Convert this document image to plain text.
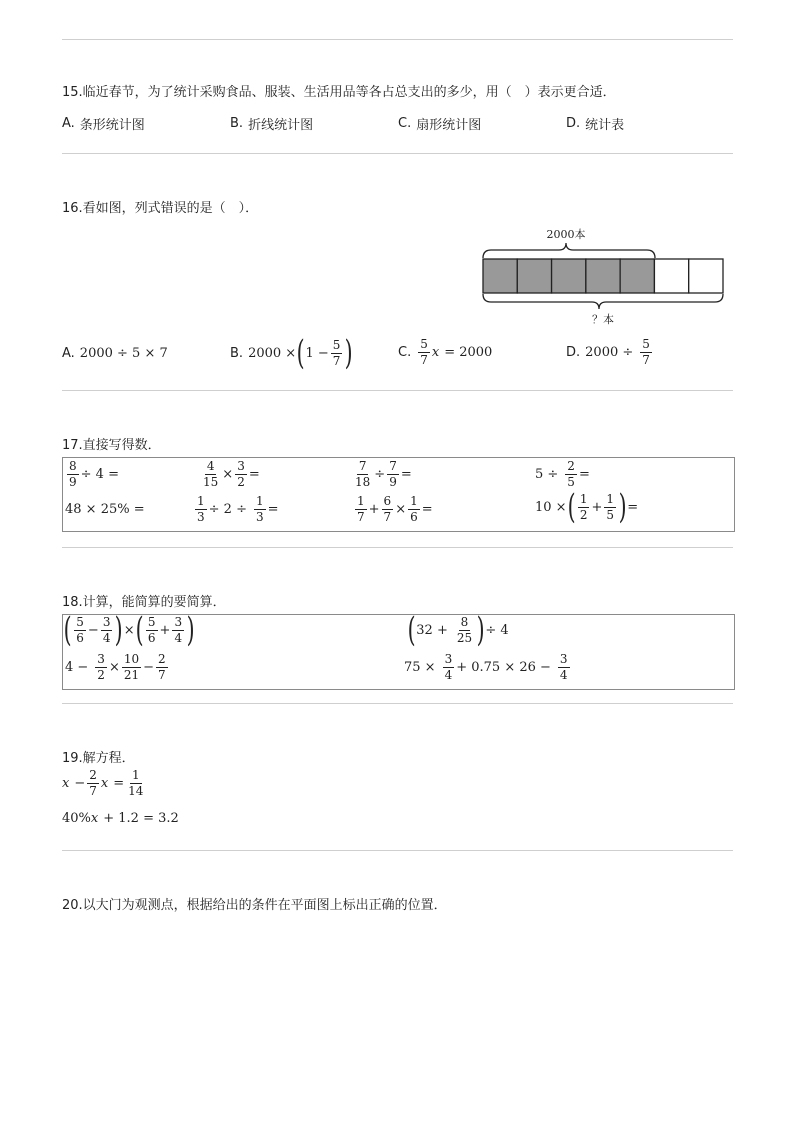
15.临近春节，为了统计采购食品、服装、生活用品等各占总支出的多少，用（　）表示更合适．
A. 条形统计图	B. 折线统计图	C. 扇形统计图	D. 统计表
16.看如图，列式错误的是（　）．
2000本
？本
A. 2000 ÷ 5 × 7	B. 2000 × ( $1 - \frac{5}{7}$ )	C. $\frac{5}{7}$ x = 2000	D. $2000 \div \frac{5}{7}$
17.直接写得数．
$\frac{8}{9} \div 4$ =	$\frac{4}{15} \times \frac{3}{2}$ =	$\frac{7}{18} \div \frac{7}{9}$ =	$5 \div \frac{2}{5}$ =
48 × 25% =	$\frac{1}{3} \div 2 \div \frac{1}{3}$ =	$\frac{1}{7} + \frac{6}{7} \times \frac{1}{6}$ =	10 × ( $\frac{1}{2} + \frac{1}{5}$ ) =
18.计算，能简算的要简算．
( $\frac{5}{6} - \frac{3}{4}$ ) × ( $\frac{5}{6} + \frac{3}{4}$ )	( $32 + \frac{8}{25}$ ) ÷ 4
$4 - \frac{3}{2} \times \frac{10}{21} - \frac{2}{7}$	$75 \times \frac{3}{4} + 0.75 \times 26 - \frac{3}{4}$
19.解方程．
$x - \frac{2}{7}$ $x = \frac{1}{14}$
40% x + 1.2 = 3.2
20.以大门为观测点，根据给出的条件在平面图上标出正确的位置．
